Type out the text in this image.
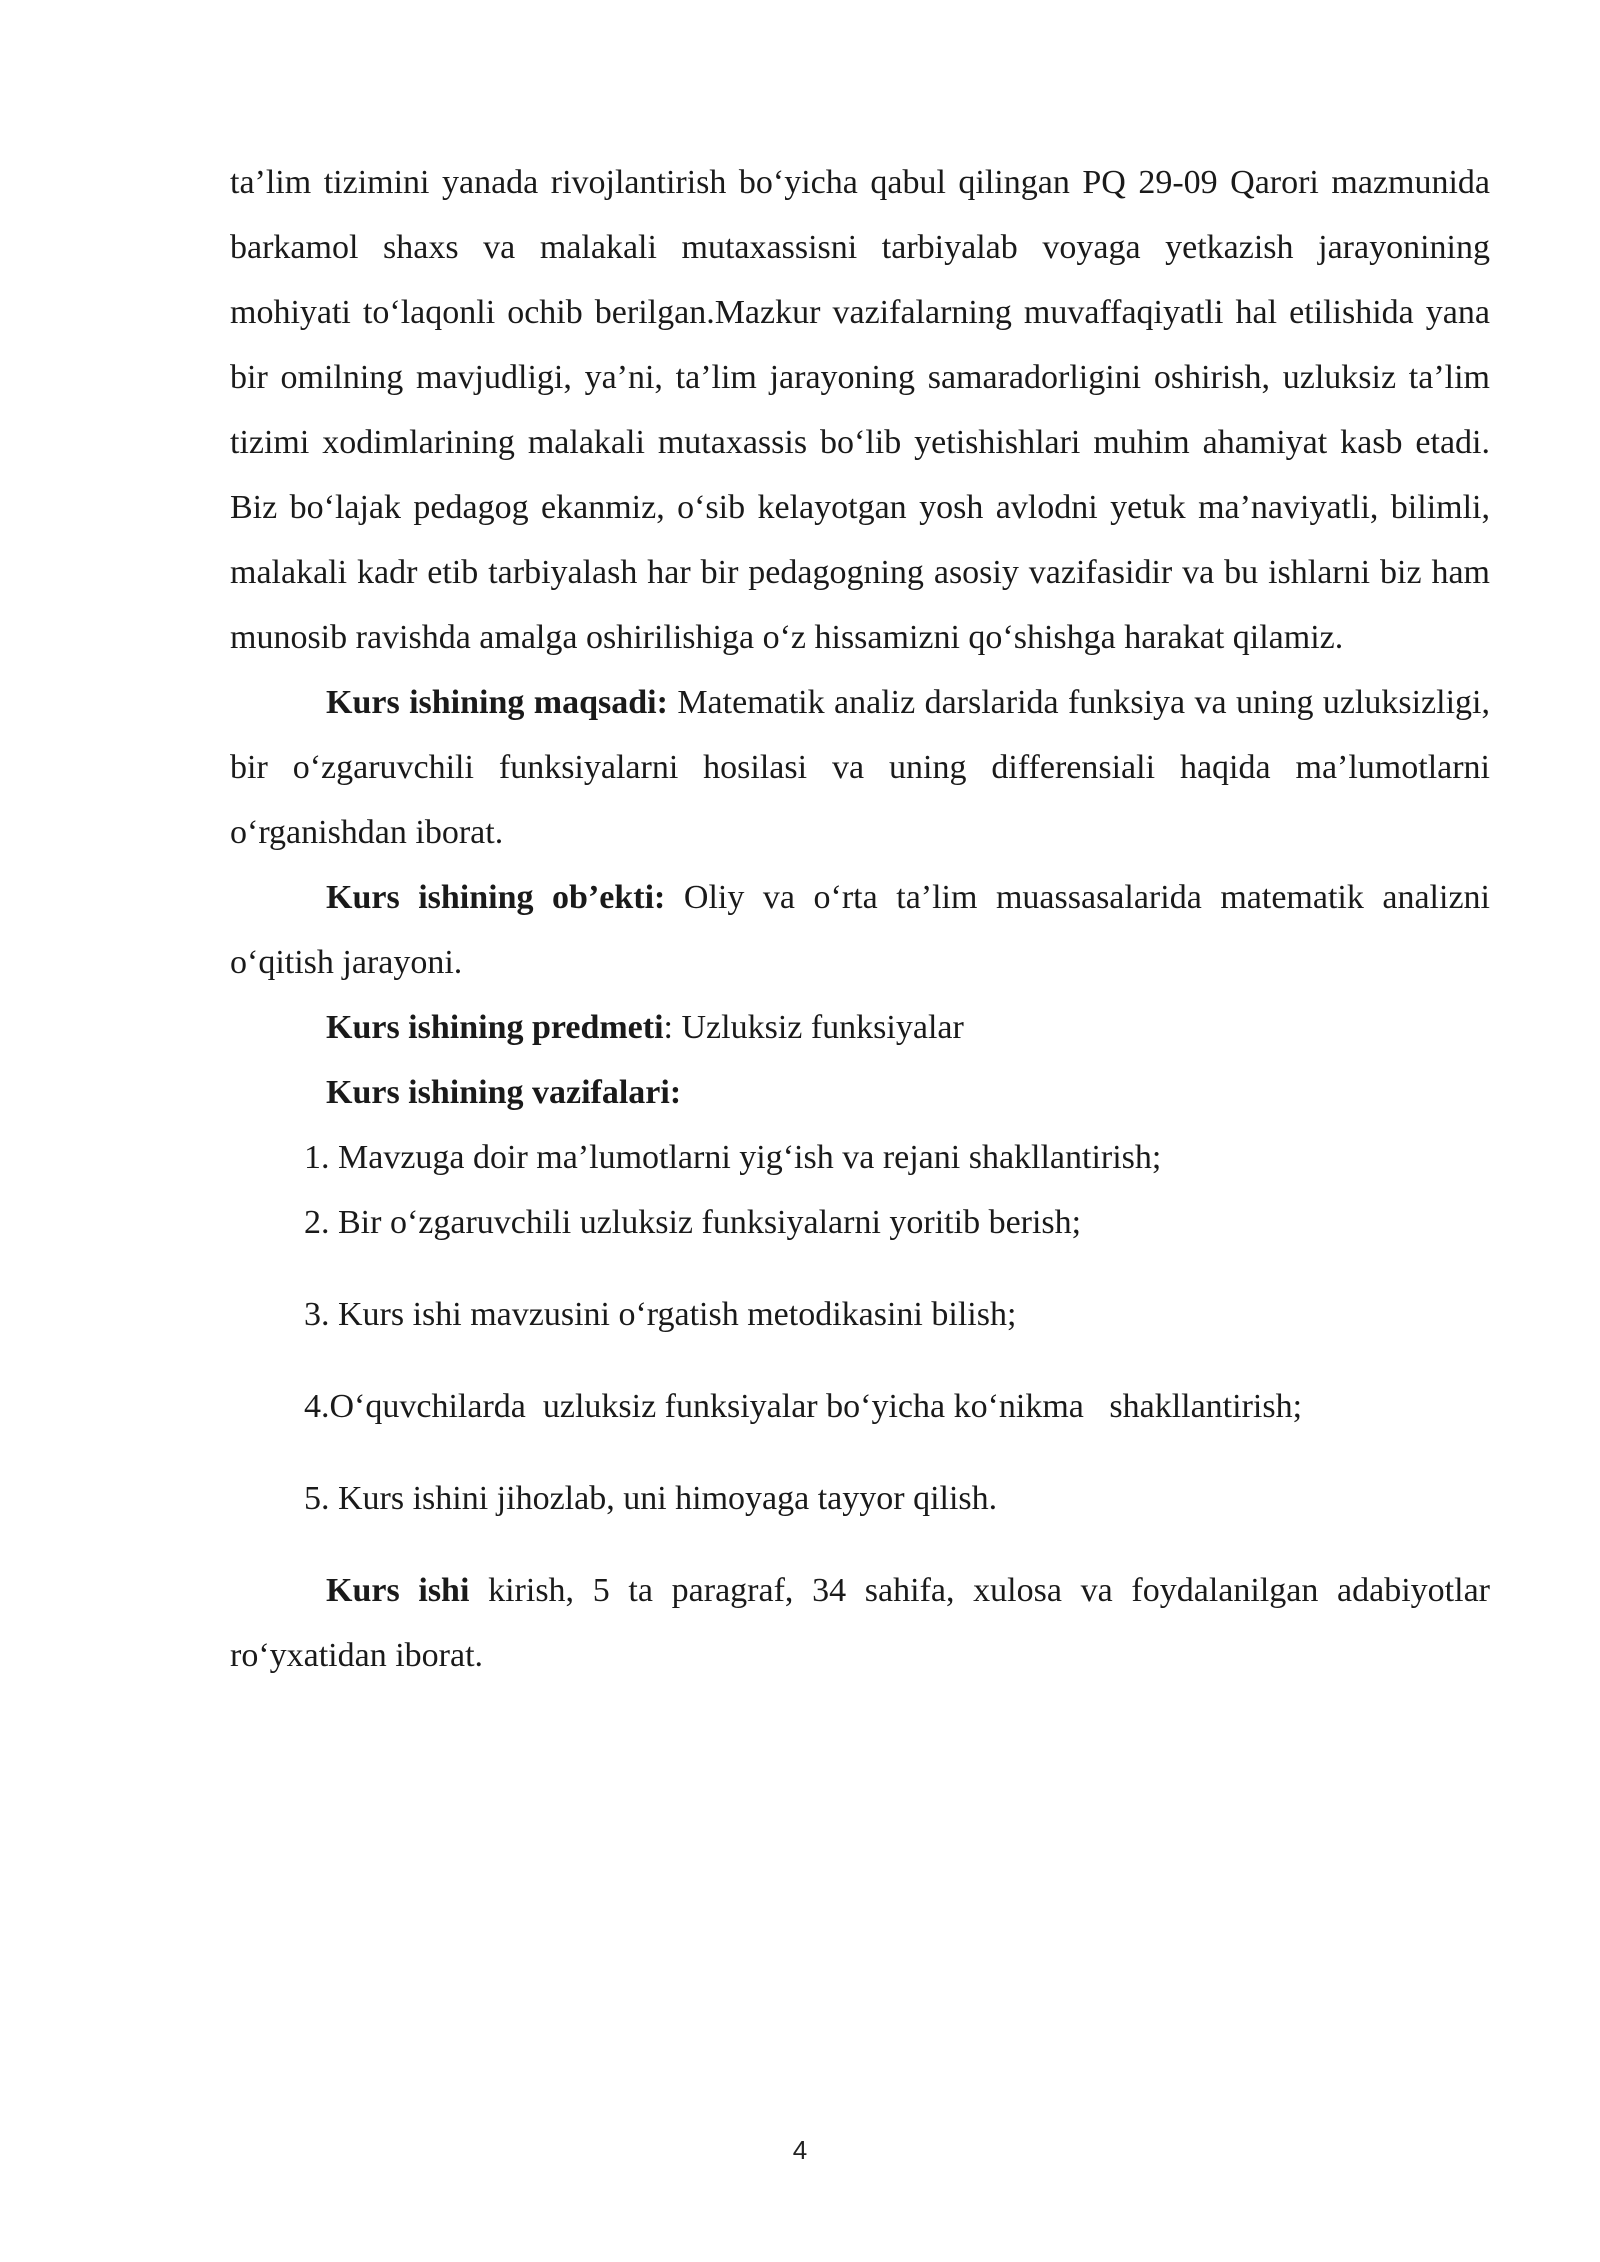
ta’lim tizimini yanada rivojlantirish bo‘yicha qabul qilingan PQ 29-09 Qarori mazmunida barkamol shaxs va malakali mutaxassisni tarbiyalab voyaga yetkazish jarayonining mohiyati to‘laqonli ochib berilgan.Mazkur vazifalarning muvaffaqiyatli hal etilishida yana bir omilning mavjudligi, ya’ni, ta’lim jarayoning samaradorligini oshirish, uzluksiz ta’lim tizimi xodimlarining malakali mutaxassis bo‘lib yetishishlari muhim ahamiyat kasb etadi. Biz bo‘lajak pedagog ekanmiz, o‘sib kelayotgan yosh avlodni yetuk ma’naviyatli, bilimli, malakali kadr etib tarbiyalash har bir pedagogning asosiy vazifasidir va bu ishlarni biz ham munosib ravishda amalga oshirilishiga o‘z hissamizni qo‘shishga harakat qilamiz.

Kurs ishining maqsadi: Matematik analiz darslarida funksiya va uning uzluksizligi, bir o‘zgaruvchili funksiyalarni hosilasi va uning differensiali haqida ma’lumotlarni o‘rganishdan iborat.

Kurs ishining ob’ekti: Oliy va o‘rta ta’lim muassasalarida matematik analizni o‘qitish jarayoni.

Kurs ishining predmeti: Uzluksiz funksiyalar
Kurs ishining vazifalari:
1. Mavzuga doir ma’lumotlarni yig‘ish va rejani shakllantirish;
2. Bir o‘zgaruvchili uzluksiz funksiyalarni yoritib berish;
3. Kurs ishi mavzusini o‘rgatish metodikasini bilish;
4.O‘quvchilarda  uzluksiz funksiyalar bo‘yicha ko‘nikma   shakllantirish;
5. Kurs ishini jihozlab, uni himoyaga tayyor qilish.

Kurs ishi kirish, 5 ta paragraf, 34 sahifa, xulosa va foydalanilgan adabiyotlar ro‘yxatidan iborat.

4
